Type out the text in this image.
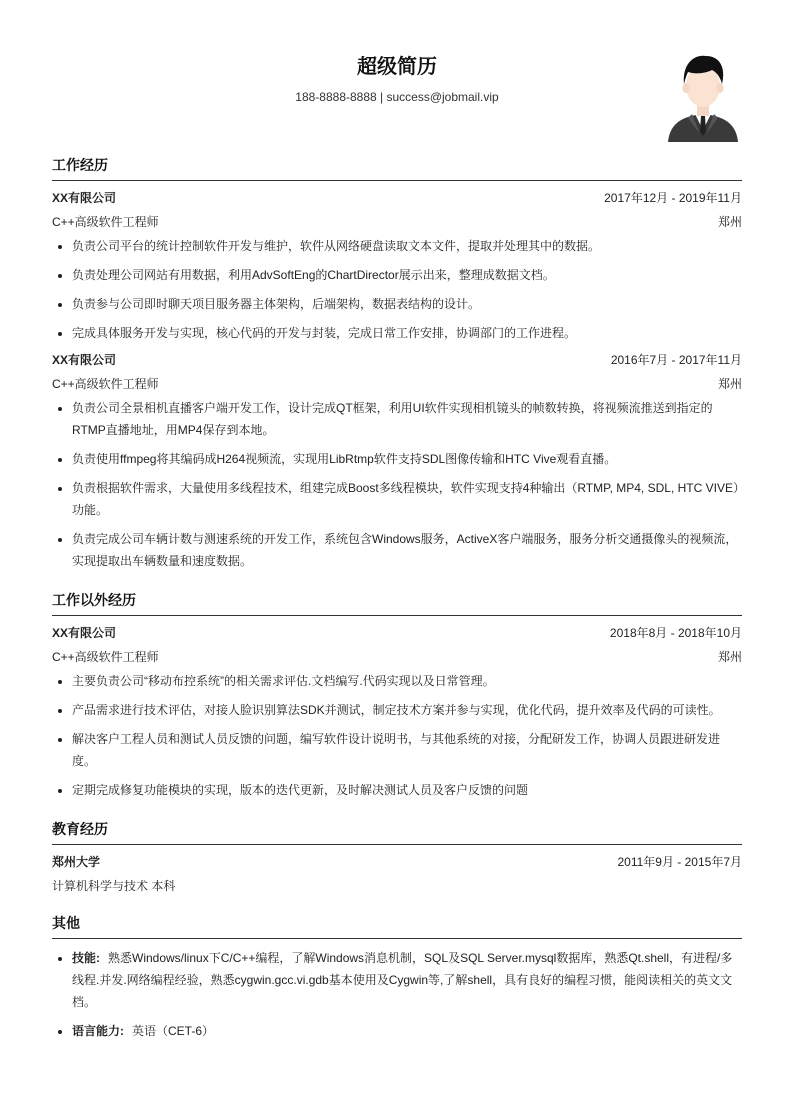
超级简历
188-8888-8888 | success@jobmail.vip
工作经历
XX有限公司	2017年12月 - 2019年11月
C++高级软件工程师	郑州
• 负责公司平台的统计控制软件开发与维护，软件从网络硬盘读取文本文件，提取并处理其中的数据。
• 负责处理公司网站有用数据，利用AdvSoftEng的ChartDirector展示出来，整理成数据文档。
• 负责参与公司即时聊天项目服务器主体架构，后端架构，数据表结构的设计。
• 完成具体服务开发与实现，核心代码的开发与封装，完成日常工作安排，协调部门的工作进程。
XX有限公司	2016年7月 - 2017年11月
C++高级软件工程师	郑州
• 负责公司全景相机直播客户端开发工作，设计完成QT框架，利用UI软件实现相机镜头的帧数转换，将视频流推送到指定的RTMP直播地址，用MP4保存到本地。
• 负责使用ffmpeg将其编码成H264视频流，实现用LibRtmp软件支持SDL图像传输和HTC Vive观看直播。
• 负责根据软件需求，大量使用多线程技术，组建完成Boost多线程模块，软件实现支持4种输出（RTMP, MP4, SDL, HTC VIVE）功能。
• 负责完成公司车辆计数与测速系统的开发工作，系统包含Windows服务，ActiveX客户端服务，服务分析交通摄像头的视频流，实现提取出车辆数量和速度数据。
工作以外经历
XX有限公司	2018年8月 - 2018年10月
C++高级软件工程师	郑州
• 主要负责公司“移动布控系统”的相关需求评估.文档编写.代码实现以及日常管理。
• 产品需求进行技术评估，对接人脸识别算法SDK并测试，制定技术方案并参与实现，优化代码，提升效率及代码的可读性。
• 解决客户工程人员和测试人员反馈的问题，编写软件设计说明书，与其他系统的对接，分配研发工作，协调人员跟进研发进度。
• 定期完成修复功能模块的实现，版本的迭代更新，及时解决测试人员及客户反馈的问题
教育经历
郑州大学	2011年9月 - 2015年7月
计算机科学与技术 本科
其他
• 技能: 熟悉Windows/linux下C/C++编程，了解Windows消息机制，SQL及SQL Server.mysql数据库，熟悉Qt.shell，有进程/多线程.并发.网络编程经验，熟悉cygwin.gcc.vi.gdb基本使用及Cygwin等,了解shell，具有良好的编程习惯，能阅读相关的英文文档。
• 语言能力: 英语（CET-6）
